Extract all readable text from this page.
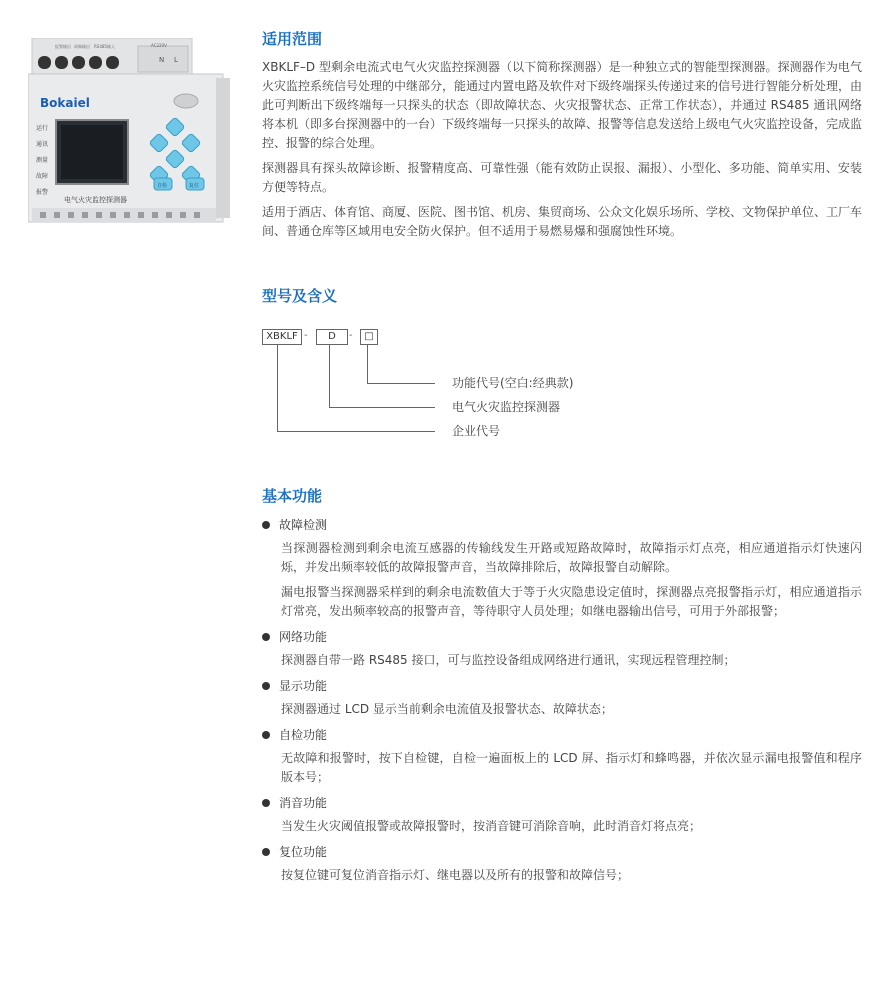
AC220V
N L
报警输出 故障输出 RS485输入
Bokaiel
运行
通讯
测量
故障
报警
自检	复位
电气火灾监控探测器
适用范围

XBKLF–D 型剩余电流式电气火灾监控探测器（以下简称探测器）是一种独立式的智能型探测器。探测器作为电气火灾监控系统信号处理的中继部分，能通过内置电路及软件对下级终端探头传递过来的信号进行智能分析处理，由此可判断出下级终端每一只探头的状态（即故障状态、火灾报警状态、正常工作状态），并通过 RS485 通讯网络将本机（即多台探测器中的一台）下级终端每一只探头的故障、报警等信息发送给上级电气火灾监控设备，完成监控、报警的综合处理。

探测器具有探头故障诊断、报警精度高、可靠性强（能有效防止误报、漏报）、小型化、多功能、简单实用、安装方便等特点。

适用于酒店、体育馆、商厦、医院、图书馆、机房、集贸商场、公众文化娱乐场所、学校、文物保护单位、工厂车间、普通仓库等区域用电安全防火保护。但不适用于易燃易爆和强腐蚀性环境。

型号及含义
XBKLF -	D	-	□
功能代号(空白:经典款)
电气火灾监控探测器
企业代号
基本功能
故障检测

当探测器检测到剩余电流互感器的传输线发生开路或短路故障时，故障指示灯点亮，相应通道指示灯快速闪烁，并发出频率较低的故障报警声音，当故障排除后，故障报警自动解除。

漏电报警当探测器采样到的剩余电流数值大于等于火灾隐患设定值时，探测器点亮报警指示灯，相应通道指示灯常亮，发出频率较高的报警声音，等待职守人员处理；如继电器输出信号，可用于外部报警；

网络功能

探测器自带一路 RS485 接口，可与监控设备组成网络进行通讯，实现远程管理控制；

显示功能

探测器通过 LCD 显示当前剩余电流值及报警状态、故障状态；

自检功能

无故障和报警时，按下自检键，自检一遍面板上的 LCD 屏、指示灯和蜂鸣器，并依次显示漏电报警值和程序版本号；

消音功能

当发生火灾阈值报警或故障报警时，按消音键可消除音响，此时消音灯将点亮；

复位功能

按复位键可复位消音指示灯、继电器以及所有的报警和故障信号；
